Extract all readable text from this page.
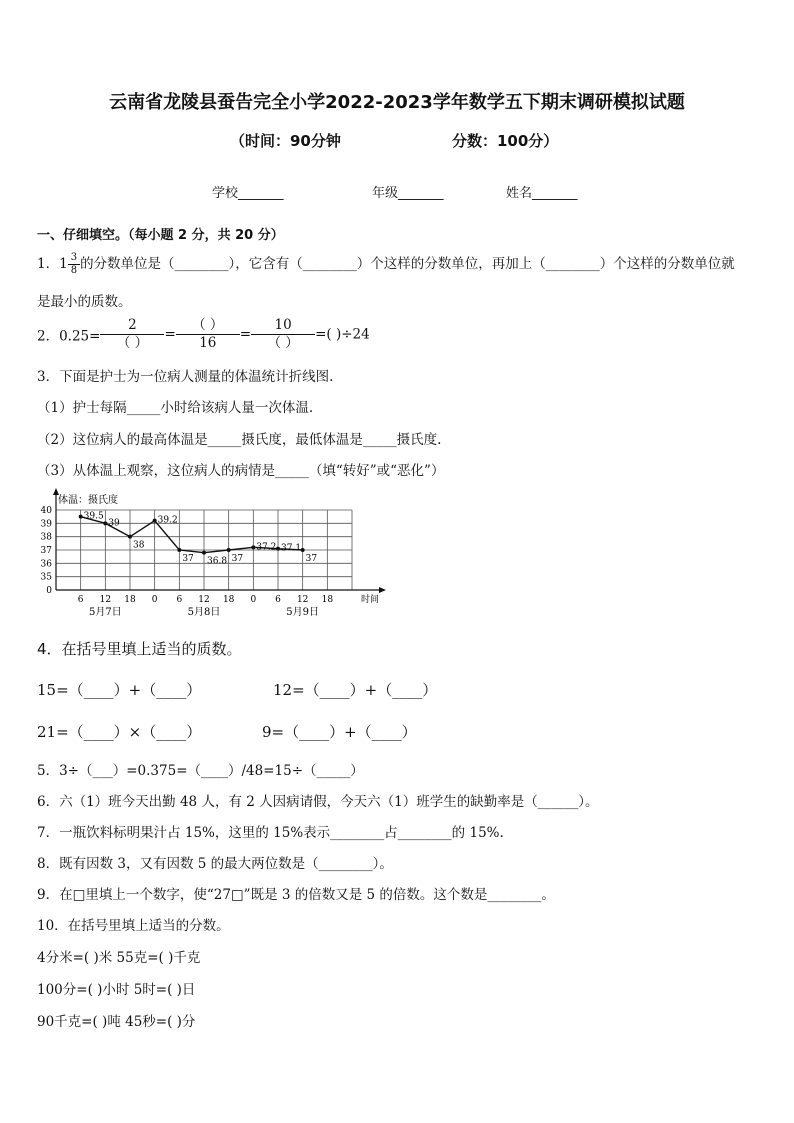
云南省龙陵县蚕告完全小学2022-2023学年数学五下期末调研模拟试题
（时间：90分钟	分数：100分）
学校_______	年级_______	姓名_______
一、仔细填空。（每小题 2 分，共 20 分）
1．$1 \frac{3}{8}$ 的分数单位是（________），它含有（________）个这样的分数单位，再加上（________）个这样的分数单位就
是最小的质数。
2．0.25=
2
（ ）
=
（ ）
16
=
10
（ ）
=( )÷24
3．下面是护士为一位病人测量的体温统计折线图.
（1）护士每隔_____小时给该病人量一次体温.
（2）这位病人的最高体温是_____摄氏度，最低体温是_____摄氏度.
（3）从体温上观察，这位病人的病情是_____（填“转好”或“恶化”）
体温：摄氏度
40
39
38
37
36
35
0
6 12 18 0 6 12 18 0 6 12 18	时间
5月7日	5月8日	5月9日
39.5
39
38
39.2
37 36.8 37
37.2 37.1
37
4．在括号里填上适当的质数。
15=（____）+（____）	12=（____）+（____）
21=（____）×（____）	9=（____）+（____）
5．3÷（___）=0.375=（____）/48=15÷（_____）
6．六（1）班今天出勤 48 人，有 2 人因病请假，今天六（1）班学生的缺勤率是（______）。
7．一瓶饮料标明果汁占 15%，这里的 15%表示________占________的 15%.
8．既有因数 3，又有因数 5 的最大两位数是（________）。
9．在□里填上一个数字，使“27□”既是 3 的倍数又是 5 的倍数。这个数是________。
10．在括号里填上适当的分数。
4分米=( )米 55克=( )千克
100分=( )小时 5时=( )日
90千克=( )吨 45秒=( )分
